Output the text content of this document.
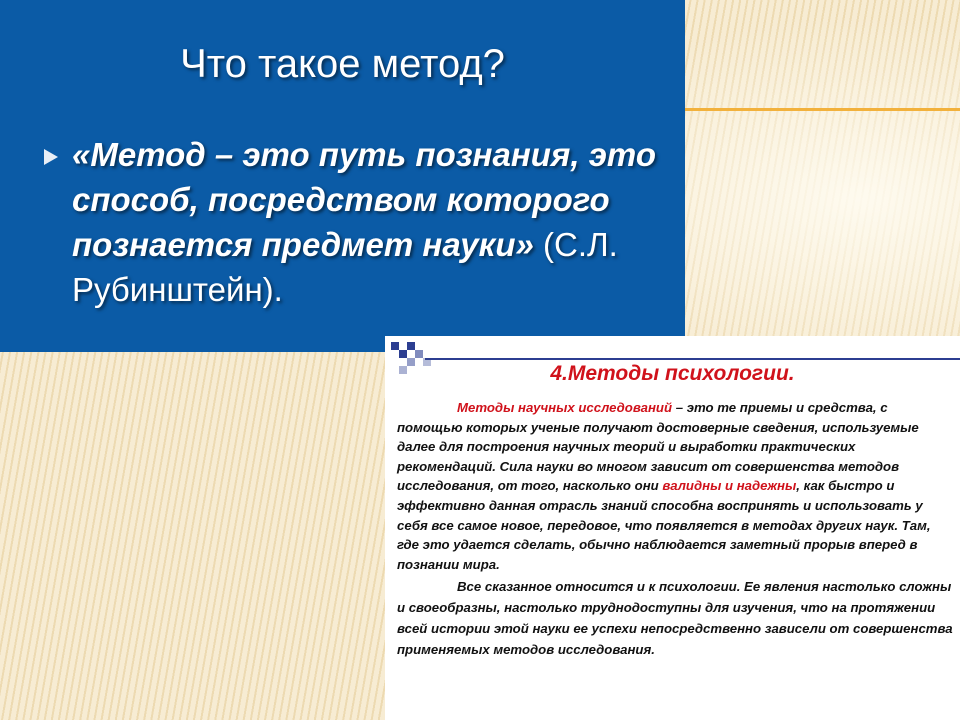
Что такое метод?

«Метод – это путь познания, это способ, посредством которого познается предмет науки» (С.Л. Рубинштейн).

4.Методы психологии.

Методы научных исследований – это те приемы и средства, с помощью которых ученые получают достоверные сведения, используемые далее для построения научных теорий и выработки практических рекомендаций. Сила науки во многом зависит от совершенства методов исследования, от того, насколько они валидны и надежны, как быстро и эффективно данная отрасль знаний способна воспринять и использовать у себя все самое новое, передовое, что появляется в методах других наук. Там, где это удается сделать, обычно наблюдается заметный прорыв вперед в познании мира.

Все сказанное относится и к психологии. Ее явления настолько сложны и своеобразны, настолько труднодоступны для изучения, что на протяжении всей истории этой науки ее успехи непосредственно зависели от совершенства применяемых методов исследования.
